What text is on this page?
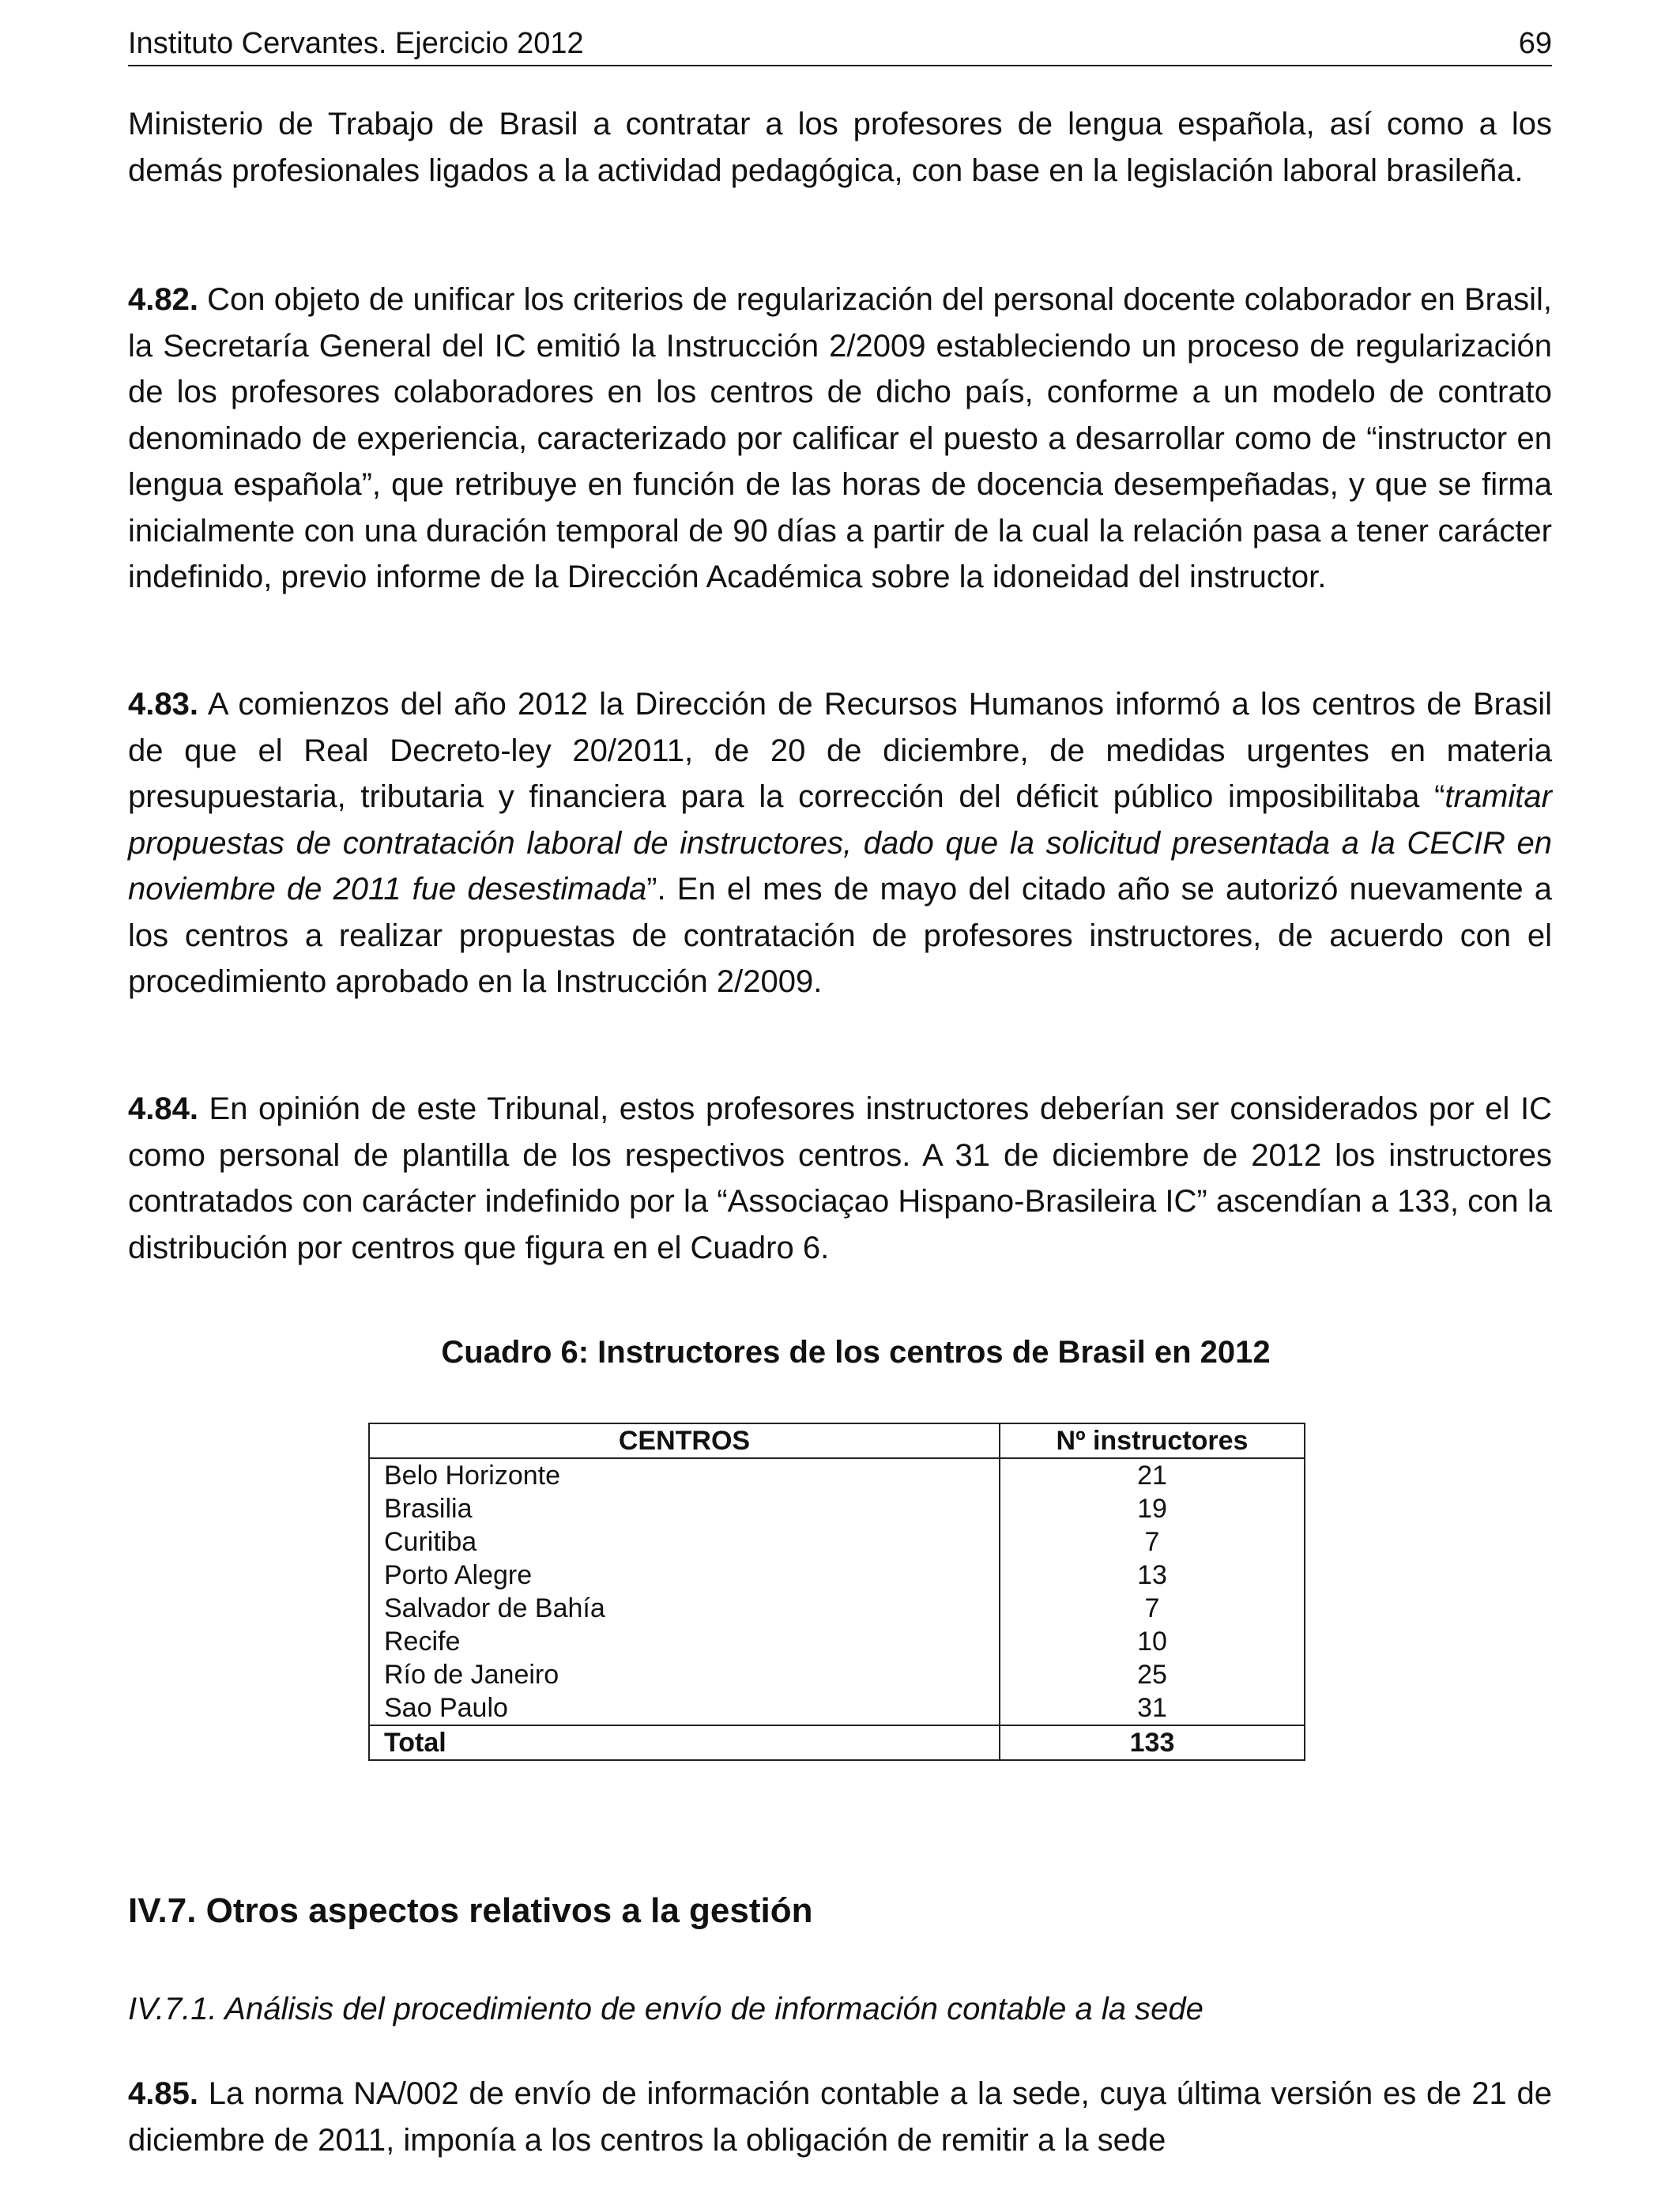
Instituto Cervantes. Ejercicio 2012	69

Ministerio de Trabajo de Brasil a contratar a los profesores de lengua española, así como a los demás profesionales ligados a la actividad pedagógica, con base en la legislación laboral brasileña.

4.82. Con objeto de unificar los criterios de regularización del personal docente colaborador en Brasil, la Secretaría General del IC emitió la Instrucción 2/2009 estableciendo un proceso de regularización de los profesores colaboradores en los centros de dicho país, conforme a un modelo de contrato denominado de experiencia, caracterizado por calificar el puesto a desarrollar como de “instructor en lengua española”, que retribuye en función de las horas de docencia desempeñadas, y que se firma inicialmente con una duración temporal de 90 días a partir de la cual la relación pasa a tener carácter indefinido, previo informe de la Dirección Académica sobre la idoneidad del instructor.

4.83. A comienzos del año 2012 la Dirección de Recursos Humanos informó a los centros de Brasil de que el Real Decreto-ley 20/2011, de 20 de diciembre, de medidas urgentes en materia presupuestaria, tributaria y financiera para la corrección del déficit público imposibilitaba “tramitar propuestas de contratación laboral de instructores, dado que la solicitud presentada a la CECIR en noviembre de 2011 fue desestimada”. En el mes de mayo del citado año se autorizó nuevamente a los centros a realizar propuestas de contratación de profesores instructores, de acuerdo con el procedimiento aprobado en la Instrucción 2/2009.

4.84. En opinión de este Tribunal, estos profesores instructores deberían ser considerados por el IC como personal de plantilla de los respectivos centros. A 31 de diciembre de 2012 los instructores contratados con carácter indefinido por la “Associaçao Hispano-Brasileira IC” ascendían a 133, con la distribución por centros que figura en el Cuadro 6.

Cuadro 6: Instructores de los centros de Brasil en 2012
CENTROS	Nº instructores
Belo Horizonte	21
Brasilia	19
Curitiba	7
Porto Alegre	13
Salvador de Bahía	7
Recife	10
Río de Janeiro	25
Sao Paulo	31
Total	133
IV.7. Otros aspectos relativos a la gestión
IV.7.1. Análisis del procedimiento de envío de información contable a la sede

4.85. La norma NA/002 de envío de información contable a la sede, cuya última versión es de 21 de diciembre de 2011, imponía a los centros la obligación de remitir a la sede
